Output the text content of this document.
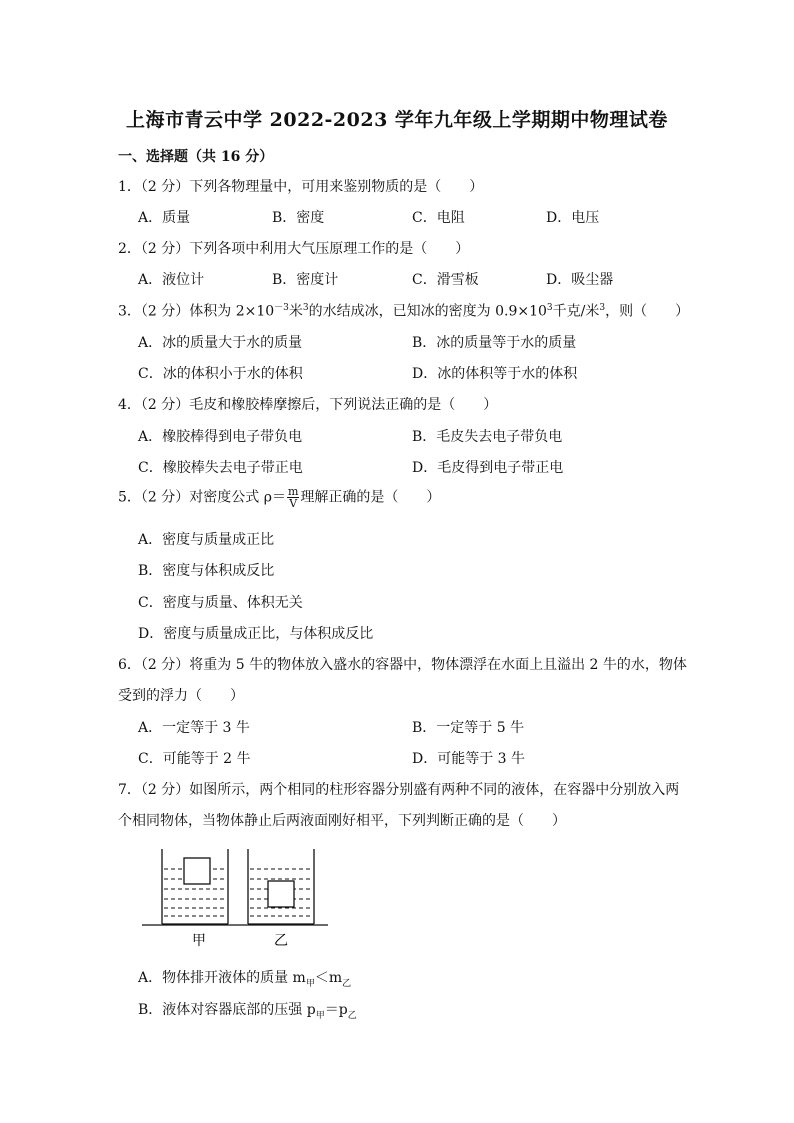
上海市青云中学 2022-2023 学年九年级上学期期中物理试卷
一、选择题（共 16 分）
1．（2 分）下列各物理量中，可用来鉴别物质的是（　　）
A．质量	B．密度	C．电阻	D．电压
2．（2 分）下列各项中利用大气压原理工作的是（　　）
A．液位计	B．密度计	C．滑雪板	D．吸尘器
3．（2 分）体积为 $2\times 10^{-3}$米$^3$的水结成冰，已知冰的密度为 $0.9\times 10^3$千克/米$^3$，则（　　）
A．冰的质量大于水的质量	B．冰的质量等于水的质量
C．冰的体积小于水的体积	D．冰的体积等于水的体积
4．（2 分）毛皮和橡胶棒摩擦后，下列说法正确的是（　　）
A．橡胶棒得到电子带负电	B．毛皮失去电子带负电
C．橡胶棒失去电子带正电	D．毛皮得到电子带正电
5．（2 分）对密度公式 $\rho= \frac{m}{V}$ 理解正确的是（　　）
A．密度与质量成正比
B．密度与体积成反比
C．密度与质量、体积无关
D．密度与质量成正比，与体积成反比
6．（2 分）将重为 5 牛的物体放入盛水的容器中，物体漂浮在水面上且溢出 2 牛的水，物体
受到的浮力（　　）
A．一定等于 3 牛	B．一定等于 5 牛
C．可能等于 2 牛	D．可能等于 3 牛
7．（2 分）如图所示，两个相同的柱形容器分别盛有两种不同的液体，在容器中分别放入两
个相同物体，当物体静止后两液面刚好相平，下列判断正确的是（　　）
甲	乙
A．物体排开液体的质量 $m_甲<m_乙$
B．液体对容器底部的压强 $p_甲=p_乙$
